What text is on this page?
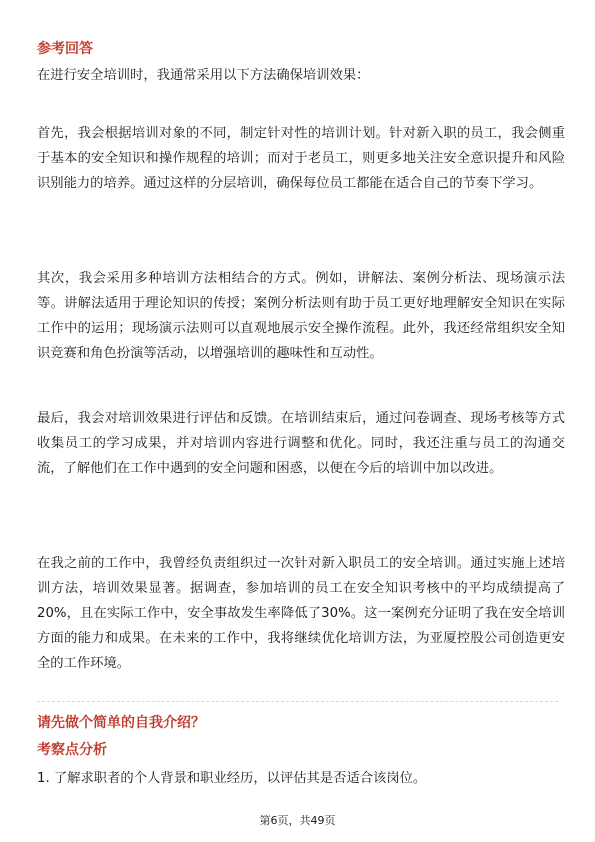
参考回答
在进行安全培训时，我通常采用以下方法确保培训效果：
首先，我会根据培训对象的不同，制定针对性的培训计划。针对新入职的员工，我会侧重于基本的安全知识和操作规程的培训；而对于老员工，则更多地关注安全意识提升和风险识别能力的培养。通过这样的分层培训，确保每位员工都能在适合自己的节奏下学习。
其次，我会采用多种培训方法相结合的方式。例如，讲解法、案例分析法、现场演示法等。讲解法适用于理论知识的传授；案例分析法则有助于员工更好地理解安全知识在实际工作中的运用；现场演示法则可以直观地展示安全操作流程。此外，我还经常组织安全知识竞赛和角色扮演等活动，以增强培训的趣味性和互动性。
最后，我会对培训效果进行评估和反馈。在培训结束后，通过问卷调查、现场考核等方式收集员工的学习成果，并对培训内容进行调整和优化。同时，我还注重与员工的沟通交流，了解他们在工作中遇到的安全问题和困惑，以便在今后的培训中加以改进。
在我之前的工作中，我曾经负责组织过一次针对新入职员工的安全培训。通过实施上述培训方法，培训效果显著。据调查，参加培训的员工在安全知识考核中的平均成绩提高了20%，且在实际工作中，安全事故发生率降低了30%。这一案例充分证明了我在安全培训方面的能力和成果。在未来的工作中，我将继续优化培训方法，为亚厦控股公司创造更安全的工作环境。
请先做个简单的自我介绍？
考察点分析
1. 了解求职者的个人背景和职业经历，以评估其是否适合该岗位。
第6页，共49页
